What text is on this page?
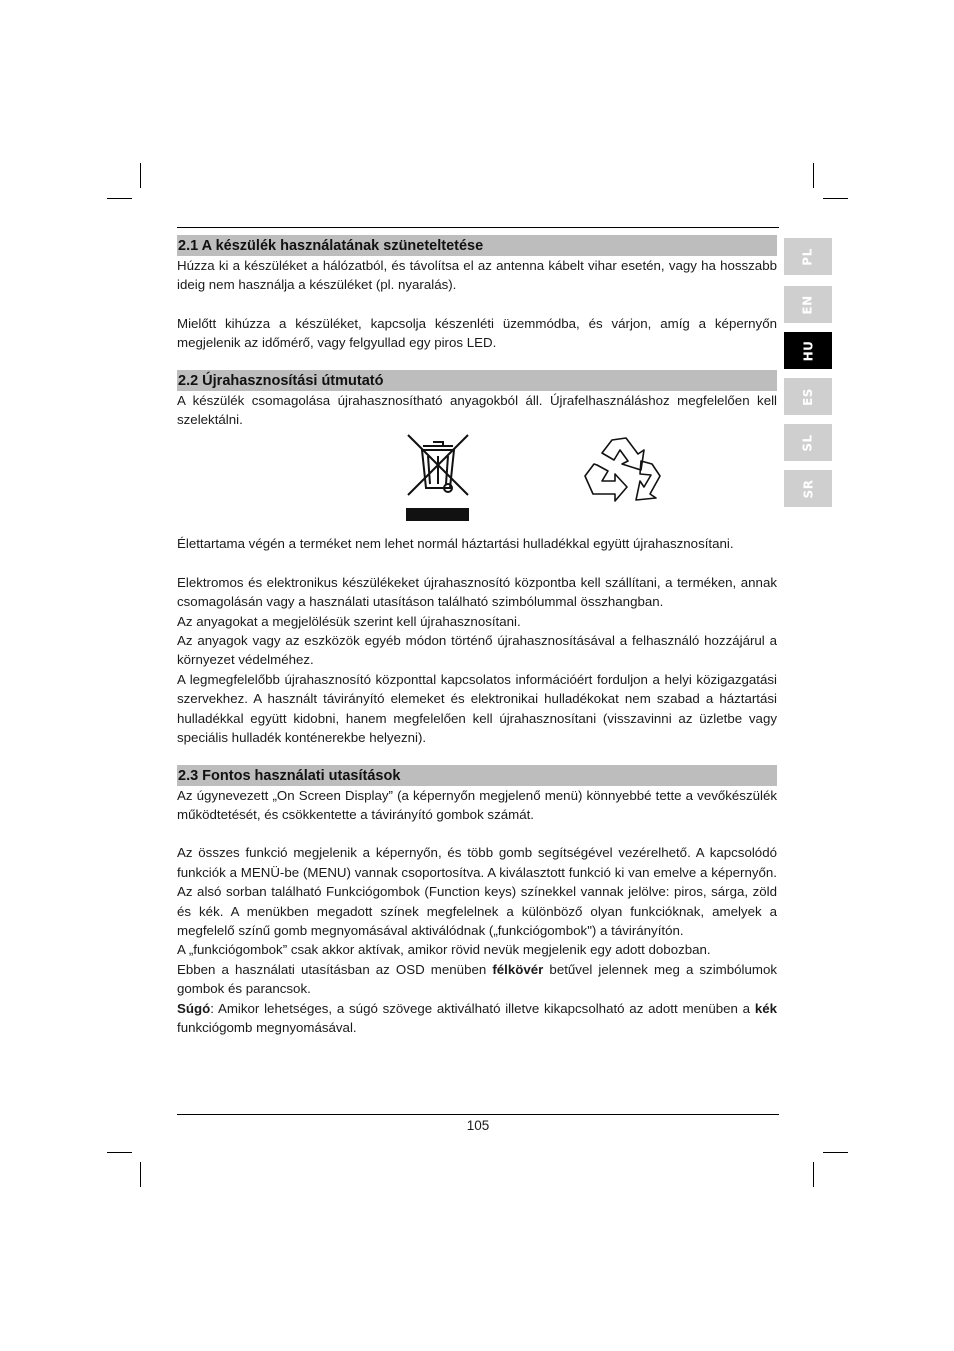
PL
EN
HU
ES
SL
SR
2.1 A készülék használatának szüneteltetése

Húzza ki a készüléket a hálózatból, és távolítsa el az antenna kábelt vihar esetén, vagy ha hosszabb ideig nem használja a készüléket (pl. nyaralás).

Mielőtt kihúzza a készüléket, kapcsolja készenléti üzemmódba, és várjon, amíg a képernyőn megjelenik az időmérő, vagy felgyullad egy piros LED.

2.2 Újrahasznosítási útmutató

A készülék csomagolása újrahasznosítható anyagokból áll. Újrafelhasználáshoz megfelelően kell szelektálni.

Élettartama végén a terméket nem lehet normál háztartási hulladékkal együtt újrahasznosítani.

Elektromos és elektronikus készülékeket újrahasznosító központba kell szállítani, a terméken, annak csomagolásán vagy a használati utasításon található szimbólummal összhangban.

Az anyagokat a megjelölésük szerint kell újrahasznosítani.

Az anyagok vagy az eszközök egyéb módon történő újrahasznosításával a felhasználó hozzájárul a környezet védelméhez.

A legmegfelelőbb újrahasznosító központtal kapcsolatos információért forduljon a helyi közigazgatási szervekhez. A használt távirányító elemeket és elektronikai hulladékokat nem szabad a háztartási hulladékkal együtt kidobni, hanem megfelelően kell újrahasznosítani (visszavinni az üzletbe vagy speciális hulladék konténerekbe helyezni).

2.3 Fontos használati utasítások

Az úgynevezett „On Screen Display” (a képernyőn megjelenő menü) könnyebbé tette a vevőkészülék működtetését, és csökkentette a távirányító gombok számát.

Az összes funkció megjelenik a képernyőn, és több gomb segítségével vezérelhető. A kapcsolódó funkciók a MENÜ-be (MENU) vannak csoportosítva. A kiválasztott funkció ki van emelve a képernyőn. Az alsó sorban található Funkciógombok (Function keys) színekkel vannak jelölve: piros, sárga, zöld és kék. A menükben megadott színek megfelelnek a különböző olyan funkcióknak, amelyek a megfelelő színű gomb megnyomásával aktiválódnak („funkciógombok") a távirányítón.

A „funkciógombok” csak akkor aktívak, amikor rövid nevük megjelenik egy adott dobozban.

Ebben a használati utasításban az OSD menüben félkövér betűvel jelennek meg a szimbólumok gombok és parancsok.

Súgó: Amikor lehetséges, a súgó szövege aktiválható illetve kikapcsolható az adott menüben a kék funkciógomb megnyomásával.

105
